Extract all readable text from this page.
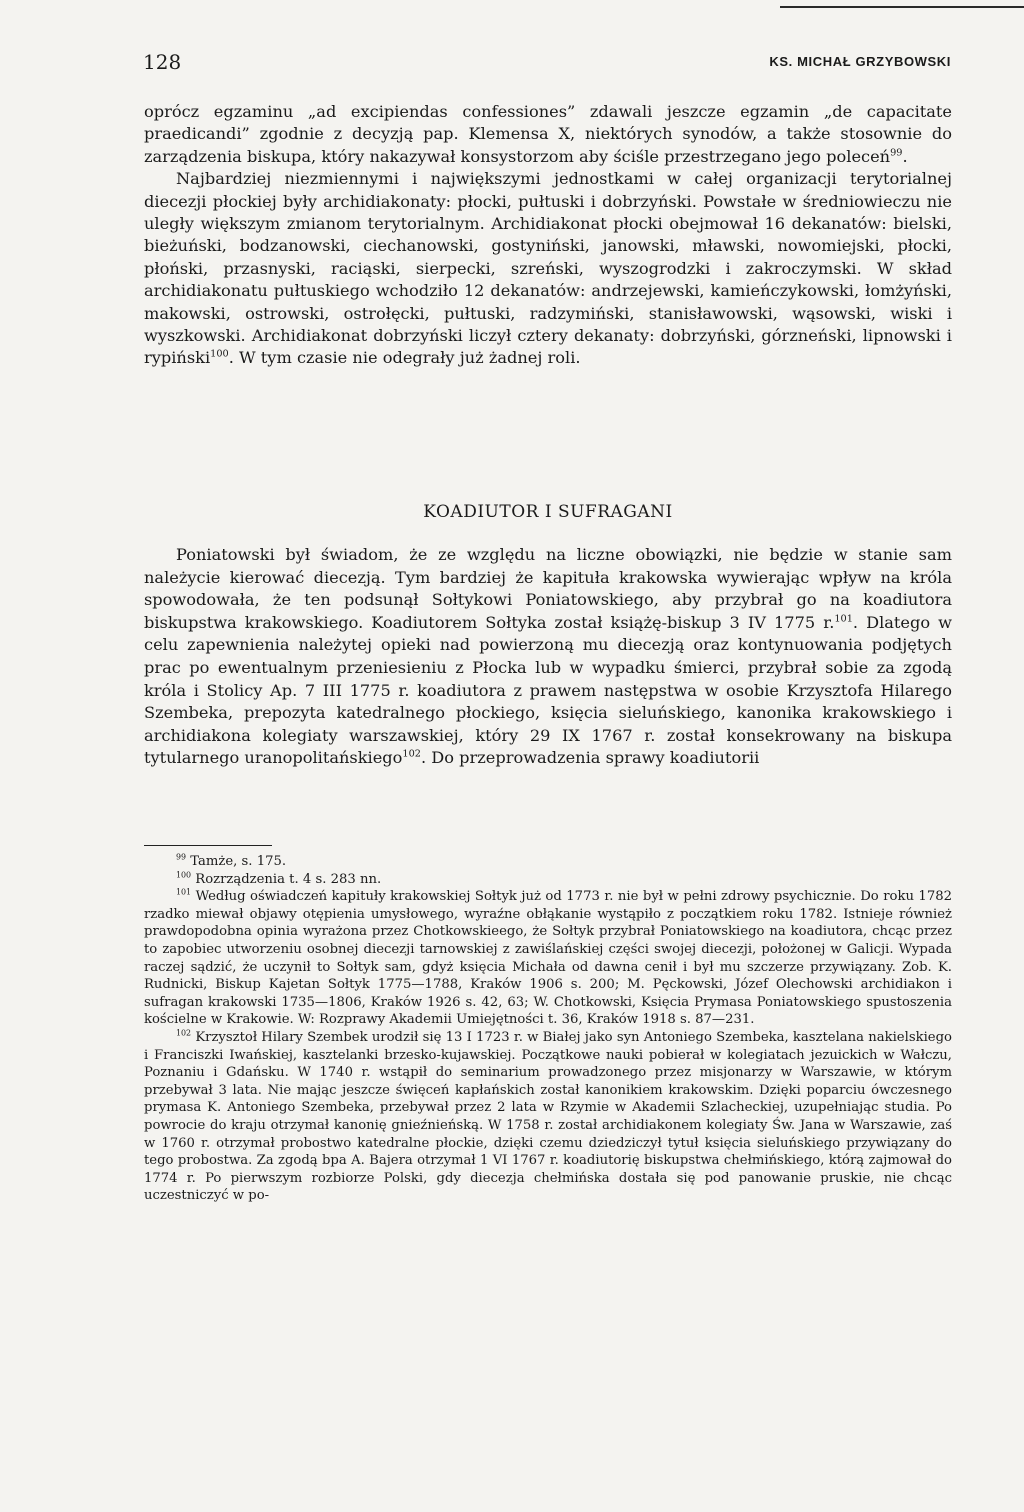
128	KS. MICHAŁ GRZYBOWSKI

oprócz egzaminu „ad excipiendas confessiones” zdawali jeszcze egzamin „de capacitate praedicandi” zgodnie z decyzją pap. Klemensa X, niektórych synodów, a także stosownie do zarządzenia biskupa, który nakazywał konsystorzom aby ściśle przestrzegano jego poleceń$^{99}$.

Najbardziej niezmiennymi i największymi jednostkami w całej organizacji terytorialnej diecezji płockiej były archidiakonaty: płocki, pułtuski i dobrzyński. Powstałe w średniowieczu nie uległy większym zmianom terytorialnym. Archidiakonat płocki obejmował 16 dekanatów: bielski, bieżuński, bodzanowski, ciechanowski, gostyniński, janowski, mławski, nowomiejski, płocki, płoński, przasnyski, raciąski, sierpecki, szreński, wyszogrodzki i zakroczymski. W skład archidiakonatu pułtuskiego wchodziło 12 dekanatów: andrzejewski, kamieńczykowski, łomżyński, makowski, ostrowski, ostrołęcki, pułtuski, radzymiński, stanisławowski, wąsowski, wiski i wyszkowski. Archidiakonat dobrzyński liczył cztery dekanaty: dobrzyński, górzneński, lipnowski i rypiński$^{100}$. W tym czasie nie odegrały już żadnej roli.

KOADIUTOR I SUFRAGANI

Poniatowski był świadom, że ze względu na liczne obowiązki, nie będzie w stanie sam należycie kierować diecezją. Tym bardziej że kapituła krakowska wywierając wpływ na króla spowodowała, że ten podsunął Sołtykowi Poniatowskiego, aby przybrał go na koadiutora biskupstwa krakowskiego. Koadiutorem Sołtyka został książę-biskup 3 IV 1775 r.$^{101}$. Dlatego w celu zapewnienia należytej opieki nad powierzoną mu diecezją oraz kontynuowania podjętych prac po ewentualnym przeniesieniu z Płocka lub w wypadku śmierci, przybrał sobie za zgodą króla i Stolicy Ap. 7 III 1775 r. koadiutora z prawem następstwa w osobie Krzysztofa Hilarego Szembeka, prepozyta katedralnego płockiego, księcia sieluńskiego, kanonika krakowskiego i archidiakona kolegiaty warszawskiej, który 29 IX 1767 r. został konsekrowany na biskupa tytularnego uranopolitańskiego$^{102}$. Do przeprowadzenia sprawy koadiutorii

$^{99}$ Tamże, s. 175.

$^{100}$ Rozrządzenia t. 4 s. 283 nn.

$^{101}$ Według oświadczeń kapituły krakowskiej Sołtyk już od 1773 r. nie był w pełni zdrowy psychicznie. Do roku 1782 rzadko miewał objawy otępienia umysłowego, wyraźne obłąkanie wystąpiło z początkiem roku 1782. Istnieje również prawdopodobna opinia wyrażona przez Chotkowskieego, że Sołtyk przybrał Poniatowskiego na koadiutora, chcąc przez to zapobiec utworzeniu osobnej diecezji tarnowskiej z zawiślańskiej części swojej diecezji, położonej w Galicji. Wypada raczej sądzić, że uczynił to Sołtyk sam, gdyż księcia Michała od dawna cenił i był mu szczerze przywiązany. Zob. K. Rudnicki, Biskup Kajetan Sołtyk 1775—1788, Kraków 1906 s. 200; M. Pęckowski, Józef Olechowski archidiakon i sufragan krakowski 1735—1806, Kraków 1926 s. 42, 63; W. Chotkowski, Księcia Prymasa Poniatowskiego spustoszenia kościelne w Krakowie. W: Rozprawy Akademii Umiejętności t. 36, Kraków 1918 s. 87—231.

$^{102}$ Krzysztoł Hilary Szembek urodził się 13 I 1723 r. w Białej jako syn Antoniego Szembeka, kasztelana nakielskiego i Franciszki Iwańskiej, kasztelanki brzesko-kujawskiej. Początkowe nauki pobierał w kolegiatach jezuickich w Wałczu, Poznaniu i Gdańsku. W 1740 r. wstąpił do seminarium prowadzonego przez misjonarzy w Warszawie, w którym przebywał 3 lata. Nie mając jeszcze święceń kapłańskich został kanonikiem krakowskim. Dzięki poparciu ówczesnego prymasa K. Antoniego Szembeka, przebywał przez 2 lata w Rzymie w Akademii Szlacheckiej, uzupełniając studia. Po powrocie do kraju otrzymał kanonię gnieźnieńską. W 1758 r. został archidiakonem kolegiaty Św. Jana w Warszawie, zaś w 1760 r. otrzymał probostwo katedralne płockie, dzięki czemu dziedziczył tytuł księcia sieluńskiego przywiązany do tego probostwa. Za zgodą bpa A. Bajera otrzymał 1 VI 1767 r. koadiutorię biskupstwa chełmińskiego, którą zajmował do 1774 r. Po pierwszym rozbiorze Polski, gdy diecezja chełmińska dostała się pod panowanie pruskie, nie chcąc uczestniczyć w po-
